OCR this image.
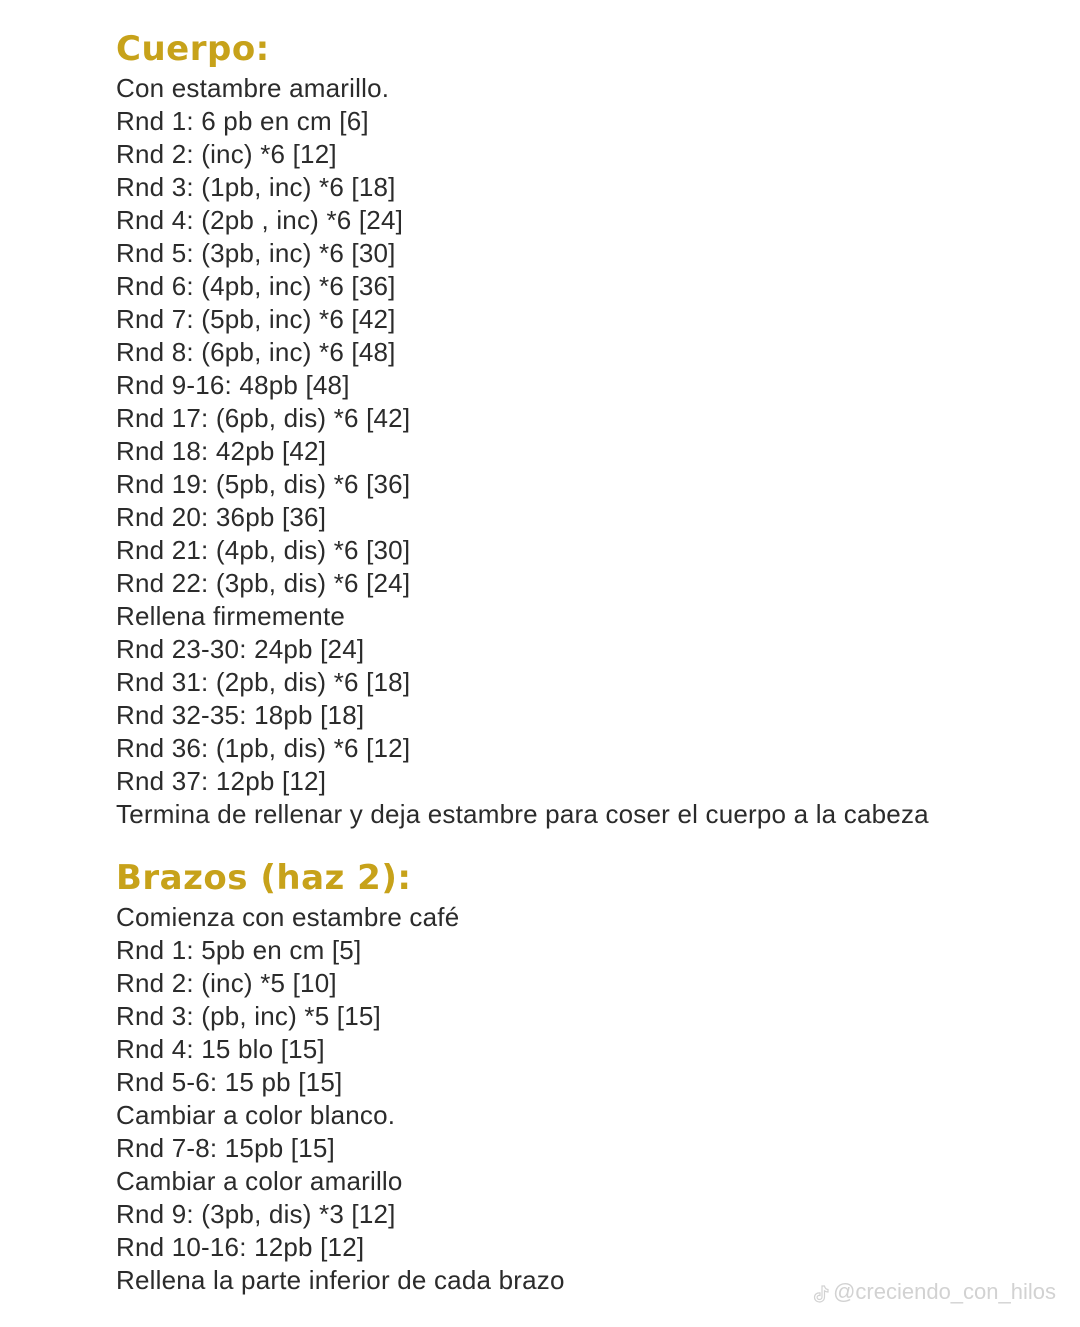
Cuerpo:
Con estambre amarillo.
Rnd 1: 6 pb en cm [6]
Rnd 2: (inc) *6 [12]
Rnd 3: (1pb, inc) *6 [18]
Rnd 4: (2pb , inc) *6 [24]
Rnd 5: (3pb, inc) *6 [30]
Rnd 6: (4pb, inc) *6 [36]
Rnd 7: (5pb, inc) *6 [42]
Rnd 8: (6pb, inc) *6 [48]
Rnd 9-16: 48pb [48]
Rnd 17: (6pb, dis) *6 [42]
Rnd 18: 42pb [42]
Rnd 19: (5pb, dis) *6 [36]
Rnd 20: 36pb [36]
Rnd 21: (4pb, dis) *6 [30]
Rnd 22: (3pb, dis) *6 [24]
Rellena firmemente
Rnd 23-30: 24pb [24]
Rnd 31: (2pb, dis) *6 [18]
Rnd 32-35: 18pb [18]
Rnd 36: (1pb, dis) *6 [12]
Rnd 37: 12pb [12]
Termina de rellenar y deja estambre para coser el cuerpo a la cabeza
Brazos (haz 2):
Comienza con estambre café
Rnd 1: 5pb en cm [5]
Rnd 2: (inc) *5 [10]
Rnd 3: (pb, inc) *5 [15]
Rnd 4: 15 blo [15]
Rnd 5-6: 15 pb [15]
Cambiar a color blanco.
Rnd 7-8: 15pb [15]
Cambiar a color amarillo
Rnd 9: (3pb, dis) *3 [12]
Rnd 10-16: 12pb [12]
Rellena la parte inferior de cada brazo	@creciendo_con_hilos
